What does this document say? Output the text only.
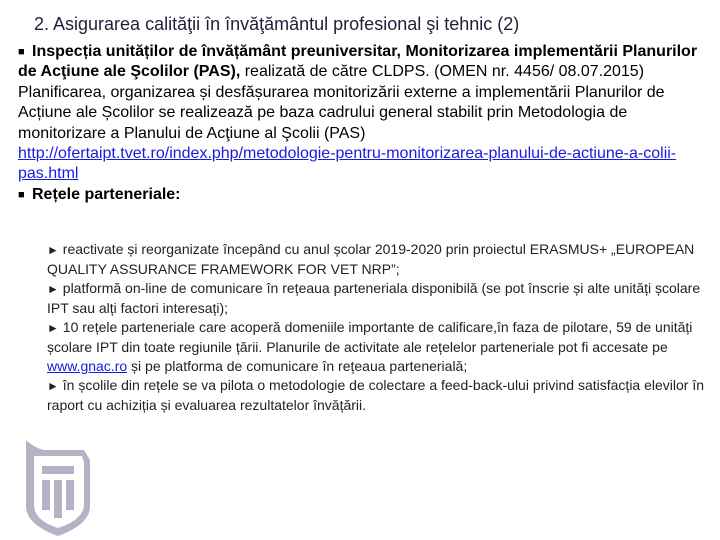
2. Asigurarea calităţii în învăţământul profesional şi tehnic (2)

■ Inspecția unităților de învățământ preuniversitar, Monitorizarea implementării Planurilor de Acţiune ale Şcolilor (PAS), realizată de către CLDPS. (OMEN nr. 4456/ 08.07.2015)

Planificarea, organizarea și desfășurarea monitorizării externe a implementării Planurilor de Acțiune ale Școlilor se realizează pe baza cadrului general stabilit prin Metodologia de monitorizare a Planului de Acţiune al Şcolii (PAS)

http://ofertaipt.tvet.ro/index.php/metodologie-pentru-monitorizarea-planului-de-actiune-a-colii-pas.html

■ Rețele parteneriale:

► reactivate și reorganizate începând cu anul școlar 2019-2020 prin proiectul ERASMUS+ „EUROPEAN QUALITY ASSURANCE FRAMEWORK FOR VET NRP”;

► platformă on-line de comunicare în rețeaua parteneriala disponibilă (se pot înscrie și alte unități școlare IPT sau alți factori interesați);

► 10 rețele parteneriale care acoperă domeniile importante de calificare,în faza de pilotare, 59 de unități școlare IPT din toate regiunile țării. Planurile de activitate ale rețelelor parteneriale pot fi accesate pe www.gnac.ro și pe platforma de comunicare în rețeaua partenerială;

► în școlile din rețele se va pilota o metodologie de colectare a feed-back-ului privind satisfacția elevilor în raport cu achiziția și evaluarea rezultatelor învățării.
